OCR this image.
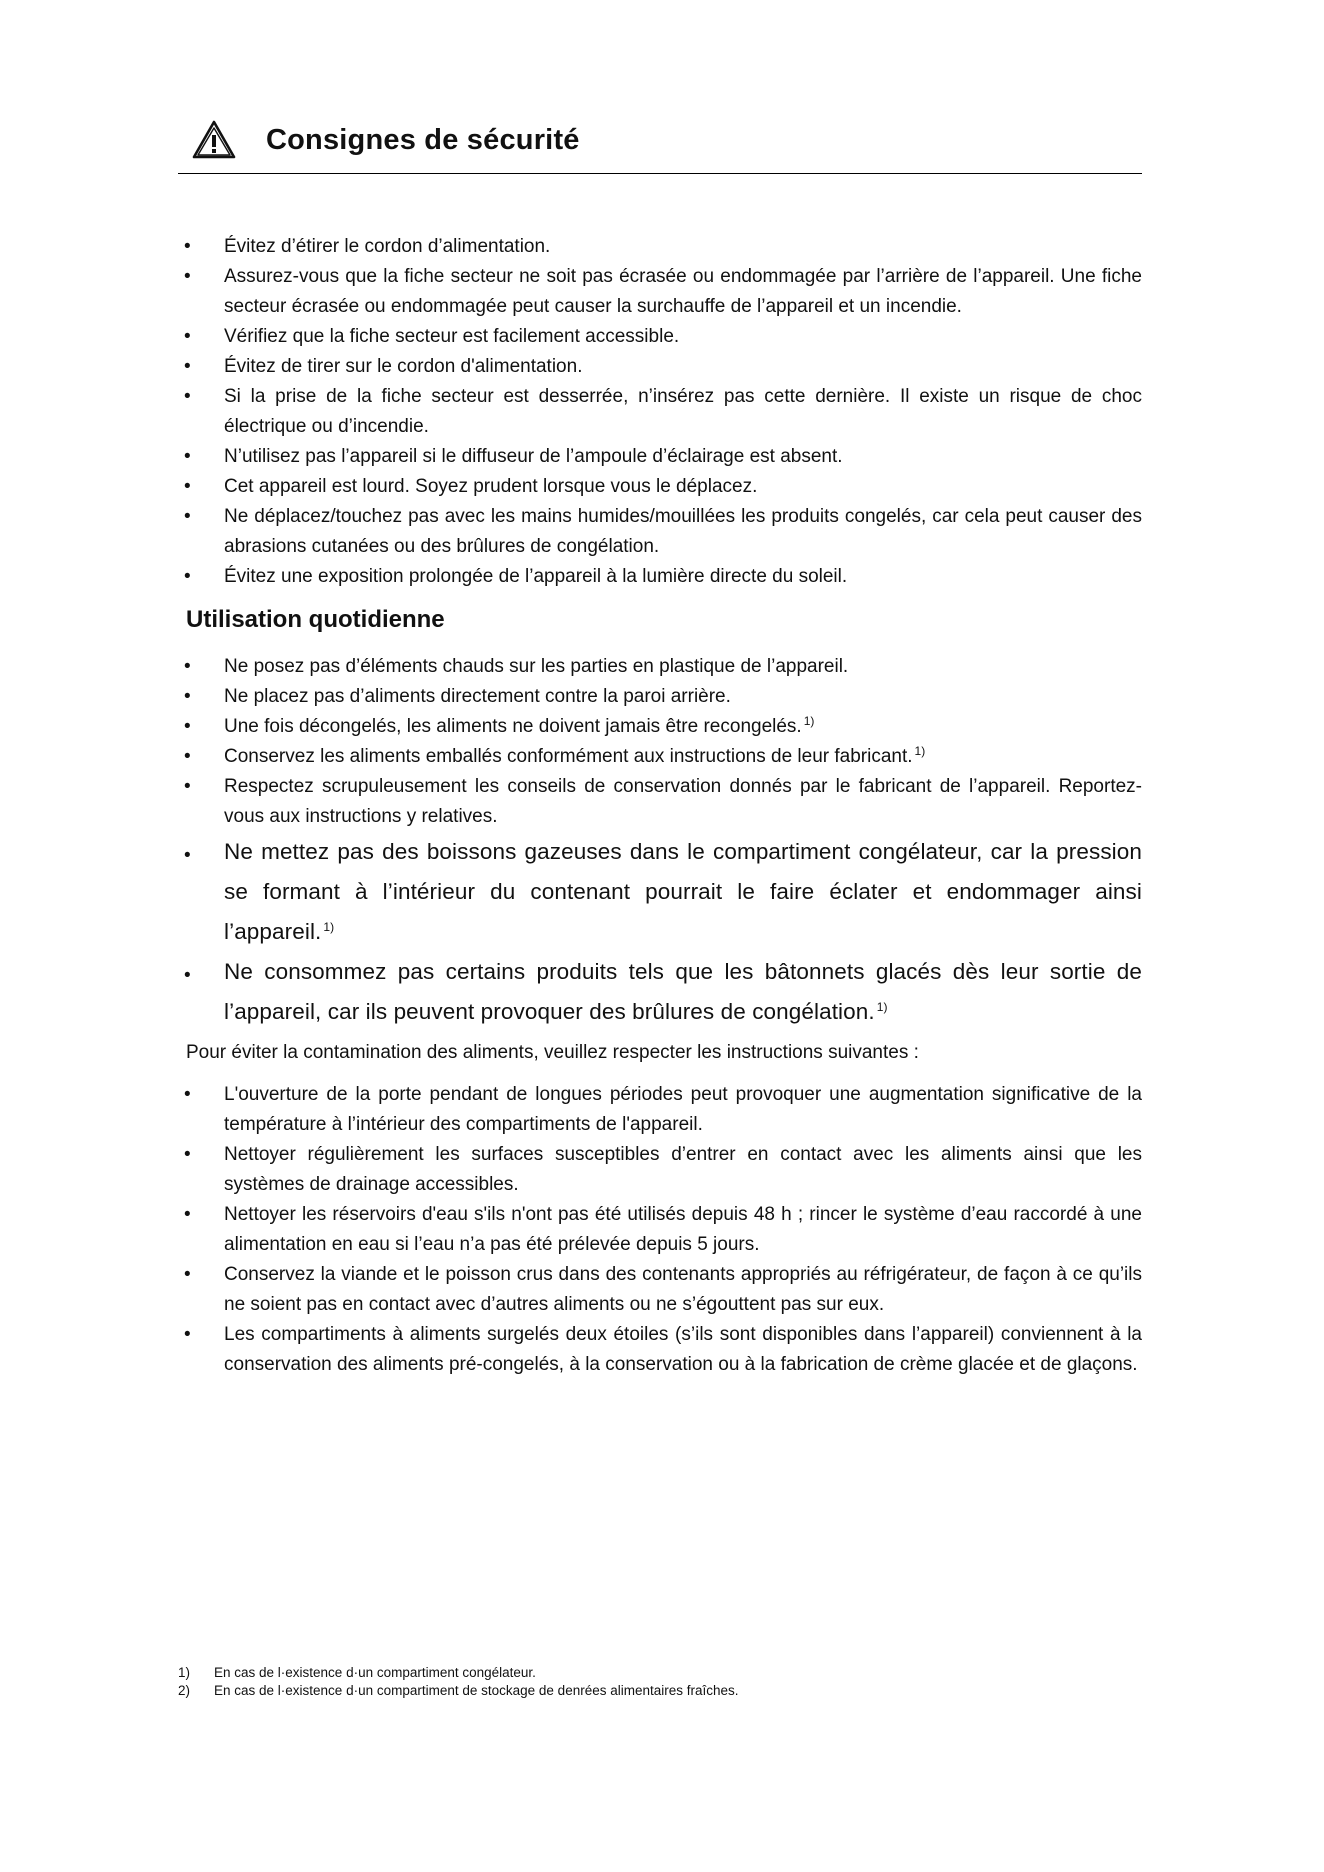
Consignes de sécurité
• Évitez d’étirer le cordon d’alimentation.
• Assurez-vous que la fiche secteur ne soit pas écrasée ou endommagée par l’arrière de l’appareil. Une fiche secteur écrasée ou endommagée peut causer la surchauffe de l’appareil et un incendie.
• Vérifiez que la fiche secteur est facilement accessible.
• Évitez de tirer sur le cordon d'alimentation.
• Si la prise de la fiche secteur est desserrée, n’insérez pas cette dernière. Il existe un risque de choc électrique ou d’incendie.
• N’utilisez pas l’appareil si le diffuseur de l’ampoule d’éclairage est absent.
• Cet appareil est lourd. Soyez prudent lorsque vous le déplacez.
• Ne déplacez/touchez pas avec les mains humides/mouillées les produits congelés, car cela peut causer des abrasions cutanées ou des brûlures de congélation.
• Évitez une exposition prolongée de l’appareil à la lumière directe du soleil.
Utilisation quotidienne
• Ne posez pas d’éléments chauds sur les parties en plastique de l’appareil.
• Ne placez pas d’aliments directement contre la paroi arrière.
• Une fois décongelés, les aliments ne doivent jamais être recongelés. $^{1)}$
• Conservez les aliments emballés conformément aux instructions de leur fabricant. $^{1)}$
• Respectez scrupuleusement les conseils de conservation donnés par le fabricant de l’appareil. Reportez-vous aux instructions y relatives.
• Ne mettez pas des boissons gazeuses dans le compartiment congélateur, car la pression se formant à l’intérieur du contenant pourrait le faire éclater et endommager ainsi l’appareil. $^{1)}$
• Ne consommez pas certains produits tels que les bâtonnets glacés dès leur sortie de l’appareil, car ils peuvent provoquer des brûlures de congélation. $^{1)}$
Pour éviter la contamination des aliments, veuillez respecter les instructions suivantes :
• L'ouverture de la porte pendant de longues périodes peut provoquer une augmentation significative de la température à l’intérieur des compartiments de l'appareil.
• Nettoyer régulièrement les surfaces susceptibles d’entrer en contact avec les aliments ainsi que les systèmes de drainage accessibles.
• Nettoyer les réservoirs d'eau s'ils n'ont pas été utilisés depuis 48 h ; rincer le système d’eau raccordé à une alimentation en eau si l’eau n’a pas été prélevée depuis 5 jours.
• Conservez la viande et le poisson crus dans des contenants appropriés au réfrigérateur, de façon à ce qu’ils ne soient pas en contact avec d’autres aliments ou ne s’égouttent pas sur eux.
• Les compartiments à aliments surgelés deux étoiles (s’ils sont disponibles dans l’appareil) conviennent à la conservation des aliments pré-congelés, à la conservation ou à la fabrication de crème glacée et de glaçons.
1)	En cas de l·existence d·un compartiment congélateur.
2)	En cas de l·existence d·un compartiment de stockage de denrées alimentaires fraîches.
